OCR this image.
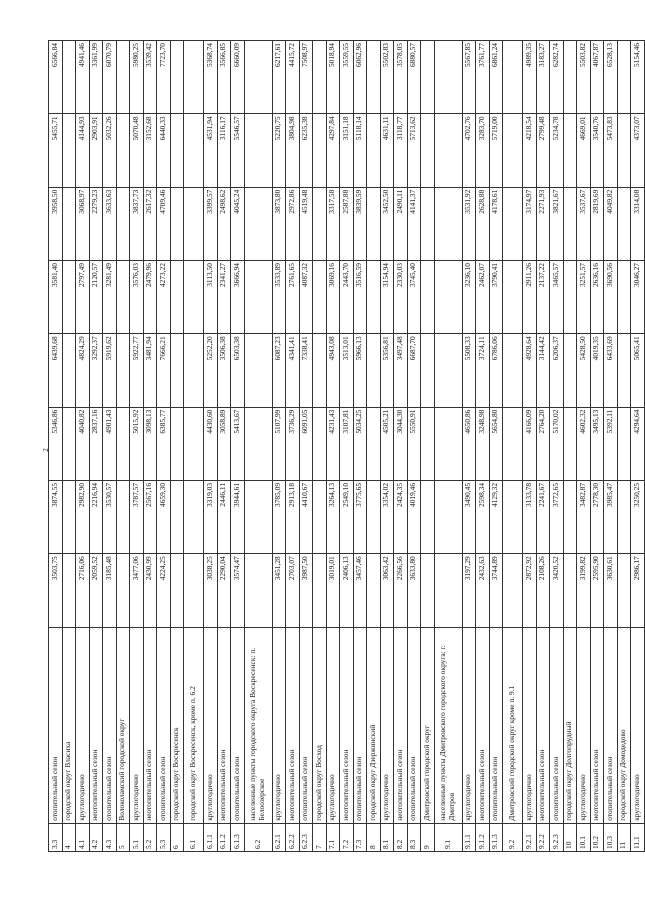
2
3.3	отопительный сезон	3503,75	3874,55	5346,86	6439,68	3581,40	3958,50	5455,71	6566,84
4	городской округ Власиха								
4.1	круглогодично	2716,06	2982,90	4040,82	4824,29	2797,49	3068,97	4144,93	4941,46
4.2	неотопительный сезон	2059,52	2216,94	2837,16	3292,37	2120,57	2279,23	2903,91	3361,99
4.3	отопительный сезон	3185,48	3530,57	4901,43	5919,62	3281,49	3633,63	5032,26	6070,79
5	Волоколамский городской округ								
5.1	круглогодично	3477,06	3787,57	5015,92	5922,77	3576,03	3837,73	5070,48	5980,25
5.2	неотопительный сезон	2430,99	2567,16	3098,13	3481,94	2479,96	2617,32	3152,68	3539,42
5.3	отопительный сезон	4224,25	4659,30	6385,77	7666,21	4273,22	4709,46	6440,33	7723,70
6	городской округ Воскресенск								
6.1	городской округ Воскресенск, кроме п. 6.2								
6.1.1	круглогодично	3038,25	3319,03	4430,60	5252,20	3113,50	3399,57	4531,94	5368,74
6.1.2	неотопительный сезон	2290,04	2446,11	3058,89	3506,38	2341,27	2498,62	3116,17	3566,85
6.1.3	отопительный сезон	3574,47	3944,61	5413,67	6503,38	3666,94	4045,24	5546,57	6660,09
6.2	населенные пункты городского округа Воскресенск: п. Белоозерское								
6.2.1	круглогодично	3451,28	3785,09	5107,99	6087,23	3533,89	3873,80	5220,75	6217,61
6.2.2	неотопительный сезон	2703,07	2913,18	3736,29	4341,41	2761,65	2972,86	3804,98	4415,72
6.2.3	отопительный сезон	3987,50	4410,67	6091,05	7338,41	4087,32	4519,48	6235,38	7508,97
7	городской округ Восход								
7.1	круглогодично	3019,01	3264,13	4231,43	4943,08	3069,16	3317,58	4297,84	5018,94
7.2	неотопительный сезон	2406,13	2549,10	3107,81	3513,01	2443,70	2587,88	3151,18	3559,55
7.3	отопительный сезон	3457,46	3775,65	5034,25	5966,13	3516,59	3839,59	5118,14	6062,96
8	городской округ Дзержинский								
8.1	круглогодично	3063,42	3354,02	4505,21	5356,81	3154,94	3452,50	4631,11	5502,83
8.2	неотопительный сезон	2266,56	2424,35	3044,30	3497,48	2330,03	2490,11	3118,77	3578,05
8.3	отопительный сезон	3633,80	4019,46	5550,91	6687,70	3745,40	4141,37	5713,62	6880,57
9	Дмитровский городской округ								
9.1	населенные пункты Дмитровского городского округа: г. Дмитров								
9.1.1	круглогодично	3197,29	3490,45	4650,86	5508,33	3236,10	3531,92	4702,76	5567,85
9.1.2	неотопительный сезон	2432,63	2598,34	3248,98	3724,11	2462,07	2628,88	3283,70	3761,77
9.1.3	отопительный сезон	3744,89	4129,32	5654,80	6786,06	3790,41	4178,61	5719,00	6861,24
9.2	Дмитровский городской округ кроме п. 9.1								
9.2.1	круглогодично	2872,92	3133,78	4166,09	4928,64	2911,26	3174,97	4218,54	4989,35
9.2.2	неотопительный сезон	2108,26	2241,67	2764,20	3144,42	2137,22	2271,93	2799,48	3183,27
9.2.3	отопительный сезон	3420,52	3772,65	5170,02	6206,37	3465,57	3821,67	5234,78	6282,74
10	городской округ Долгопрудный								
10.1	круглогодично	3199,82	3482,87	4602,32	5428,50	3251,57	3537,67	4669,01	5503,82
10.2	неотопительный сезон	2595,90	2778,30	3495,13	4019,35	2636,16	2819,69	3540,76	4067,87
10.3	отопительный сезон	3630,61	3985,47	5392,11	6433,69	3690,56	4049,82	5473,83	6528,13
11	городской округ Домодедово								
11.1	круглогодично	2986,17	3250,25	4294,64	5065,41	3046,27	3314,08	4373,07	5154,46
